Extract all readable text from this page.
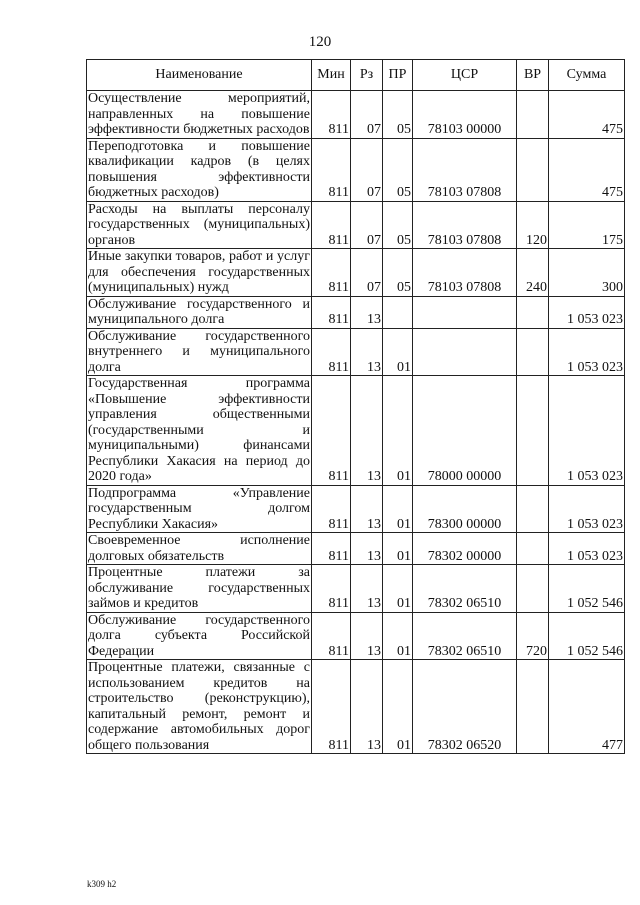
120
Наименование	Мин	Рз	ПР	ЦСР	ВР	Сумма
Осуществление мероприятий, направленных на повышение эффективности бюджетных расходов	811	07	05	78103 00000		475
Переподготовка и повышение квалификации кадров (в целях повышения эффективности бюджетных расходов)	811	07	05	78103 07808		475
Расходы на выплаты персоналу государственных (муниципальных) органов	811	07	05	78103 07808	120	175
Иные закупки товаров, работ и услуг для обеспечения государственных (муниципальных) нужд	811	07	05	78103 07808	240	300
Обслуживание государственного и муниципального долга	811	13				1 053 023
Обслуживание государственного внутреннего и муниципального долга	811	13	01			1 053 023
Государственная программа «Повышение эффективности управления общественными (государственными и муниципальными) финансами Республики Хакасия на период до 2020 года»	811	13	01	78000 00000		1 053 023
Подпрограмма «Управление государственным долгом Республики Хакасия»	811	13	01	78300 00000		1 053 023
Своевременное исполнение долговых обязательств	811	13	01	78302 00000		1 053 023
Процентные платежи за обслуживание государственных займов и кредитов	811	13	01	78302 06510		1 052 546
Обслуживание государственного долга субъекта Российской Федерации	811	13	01	78302 06510	720	1 052 546
Процентные платежи, связанные с использованием кредитов на строительство (реконструкцию), капитальный ремонт, ремонт и содержание автомобильных дорог общего пользования	811	13	01	78302 06520		477
k309 h2
